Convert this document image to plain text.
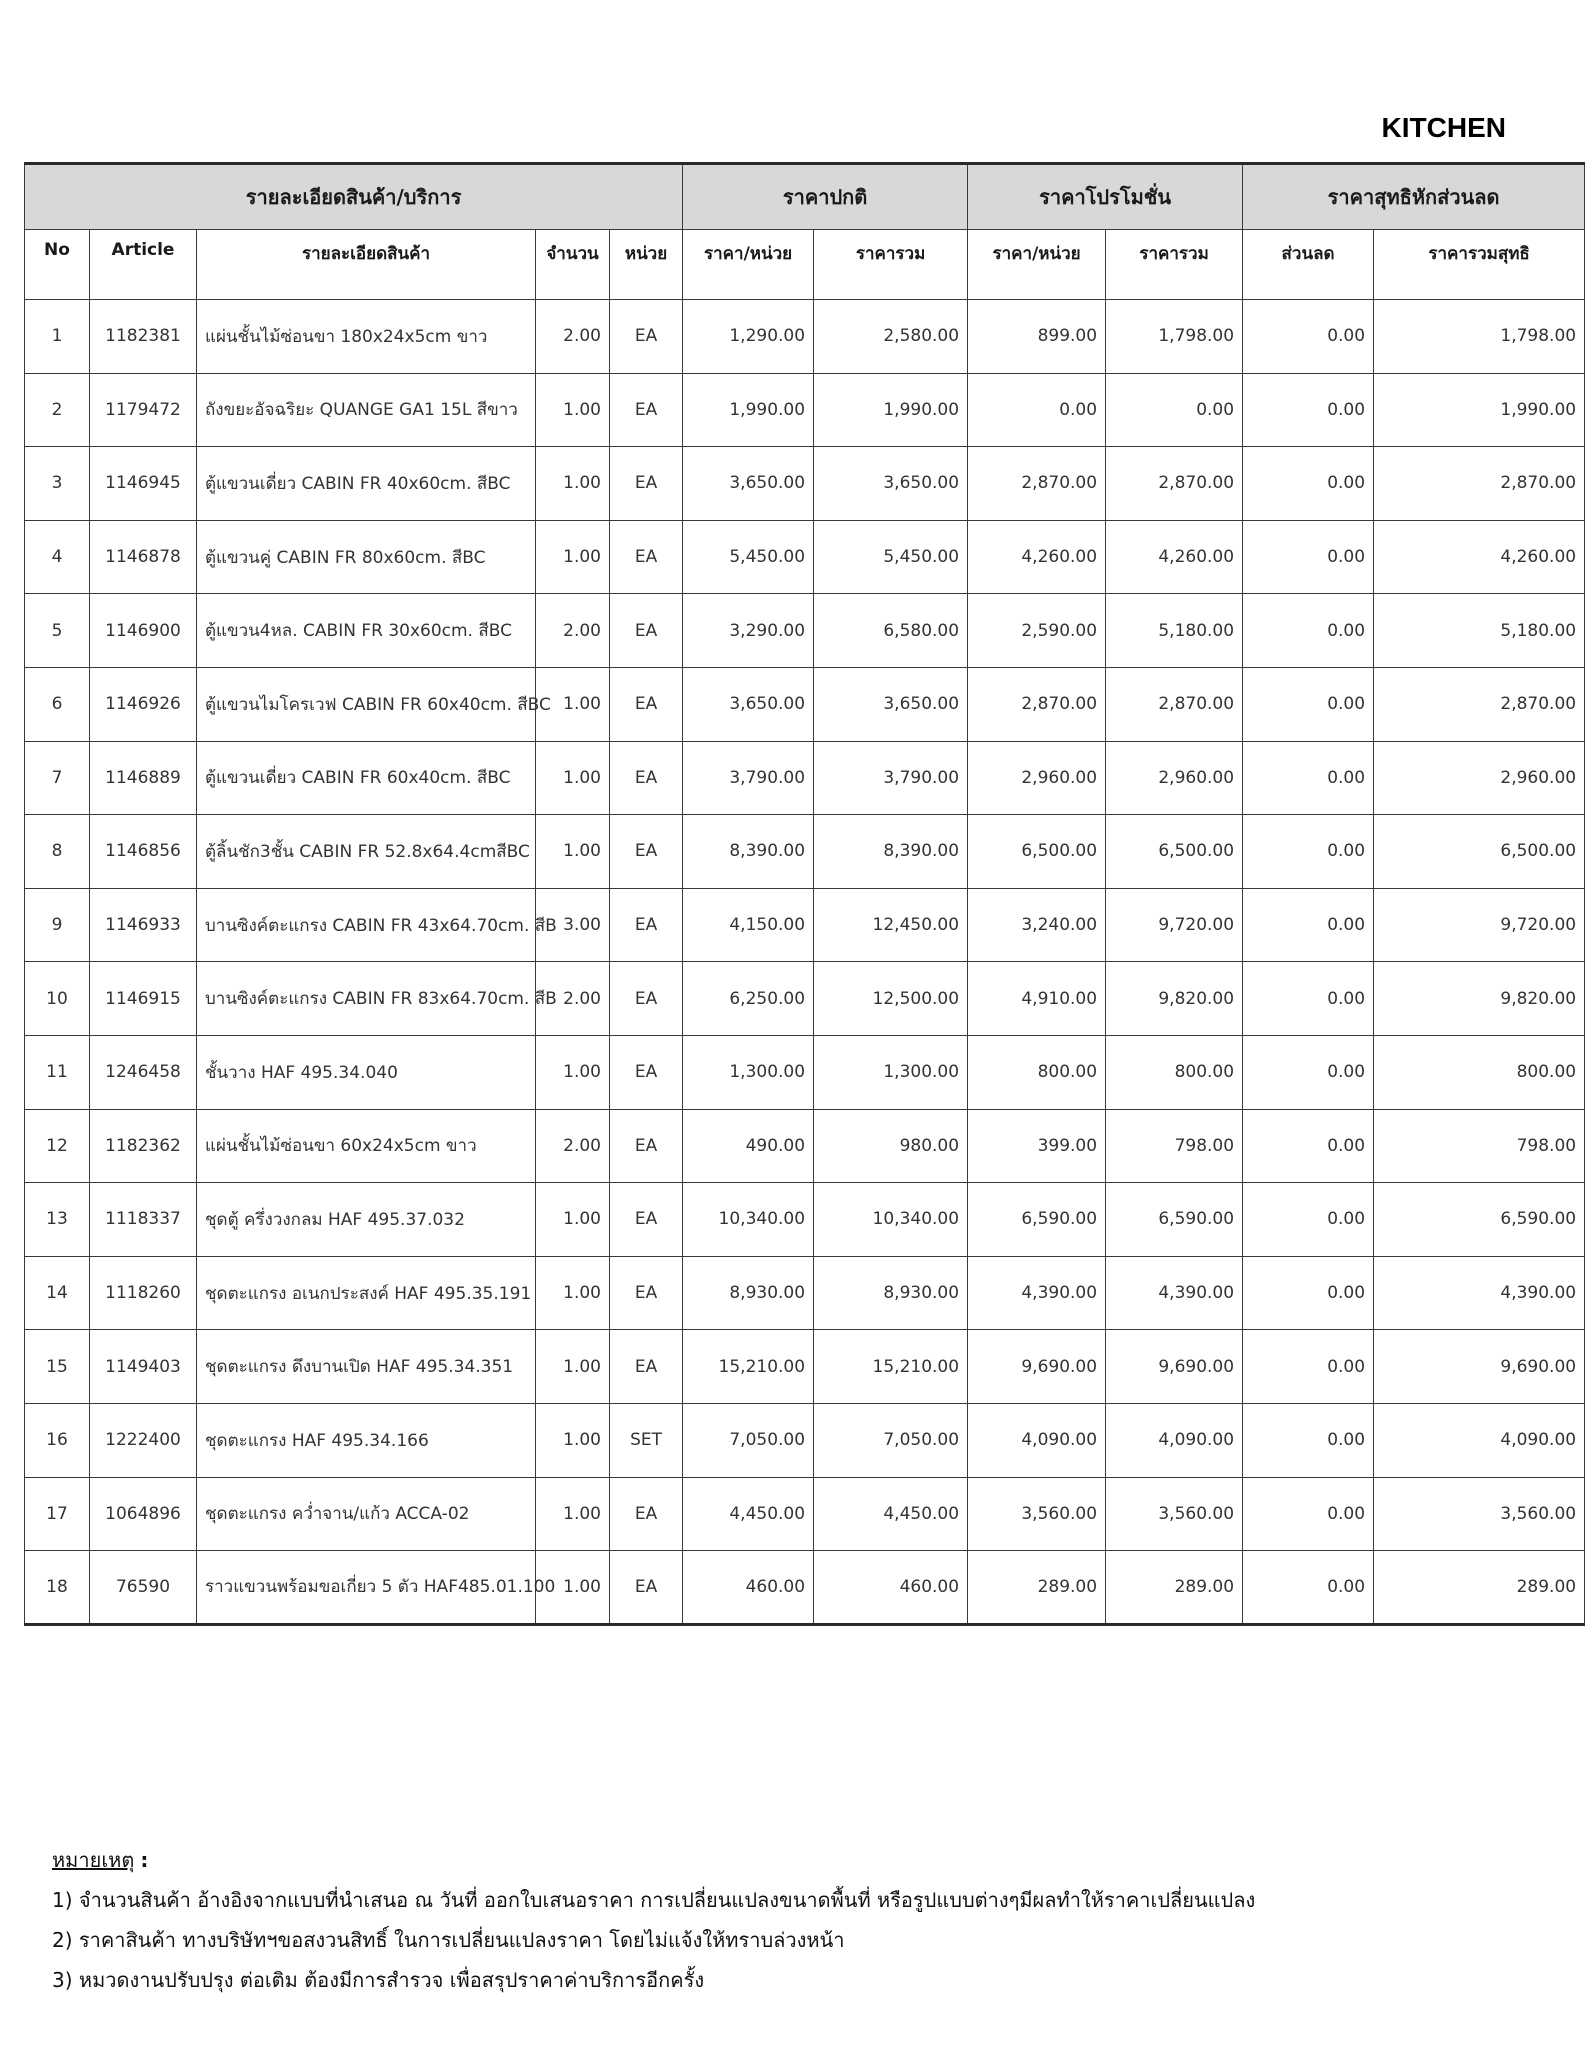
KITCHEN
รายละเอียดสินค้า/บริการ					ราคาปกติ		ราคาโปรโมชั่น		ราคาสุทธิหักส่วนลด	
No	Article	รายละเอียดสินค้า	จำนวน	หน่วย	ราคา/หน่วย	ราคารวม	ราคา/หน่วย	ราคารวม	ส่วนลด	ราคารวมสุทธิ
1	1182381	แผ่นชั้นไม้ซ่อนขา 180x24x5cm ขาว	2.00	EA	1,290.00	2,580.00	899.00	1,798.00	0.00	1,798.00
2	1179472	ถังขยะอัจฉริยะ QUANGE GA1 15L สีขาว	1.00	EA	1,990.00	1,990.00	0.00	0.00	0.00	1,990.00
3	1146945	ตู้แขวนเดี่ยว CABIN FR 40x60cm. สีBC	1.00	EA	3,650.00	3,650.00	2,870.00	2,870.00	0.00	2,870.00
4	1146878	ตู้แขวนคู่ CABIN FR 80x60cm. สีBC	1.00	EA	5,450.00	5,450.00	4,260.00	4,260.00	0.00	4,260.00
5	1146900	ตู้แขวน4หล. CABIN FR 30x60cm. สีBC	2.00	EA	3,290.00	6,580.00	2,590.00	5,180.00	0.00	5,180.00
6	1146926	ตู้แขวนไมโครเวฟ CABIN FR 60x40cm. สีBC	1.00	EA	3,650.00	3,650.00	2,870.00	2,870.00	0.00	2,870.00
7	1146889	ตู้แขวนเดี่ยว CABIN FR 60x40cm. สีBC	1.00	EA	3,790.00	3,790.00	2,960.00	2,960.00	0.00	2,960.00
8	1146856	ตู้ลิ้นชัก3ชั้น CABIN FR 52.8x64.4cmสีBC	1.00	EA	8,390.00	8,390.00	6,500.00	6,500.00	0.00	6,500.00
9	1146933	บานซิงค์ตะแกรง CABIN FR 43x64.70cm. สีB	3.00	EA	4,150.00	12,450.00	3,240.00	9,720.00	0.00	9,720.00
10	1146915	บานซิงค์ตะแกรง CABIN FR 83x64.70cm. สีB	2.00	EA	6,250.00	12,500.00	4,910.00	9,820.00	0.00	9,820.00
11	1246458	ชั้นวาง HAF 495.34.040	1.00	EA	1,300.00	1,300.00	800.00	800.00	0.00	800.00
12	1182362	แผ่นชั้นไม้ซ่อนขา 60x24x5cm ขาว	2.00	EA	490.00	980.00	399.00	798.00	0.00	798.00
13	1118337	ชุดตู้ ครึ่งวงกลม HAF 495.37.032	1.00	EA	10,340.00	10,340.00	6,590.00	6,590.00	0.00	6,590.00
14	1118260	ชุดตะแกรง อเนกประสงค์ HAF 495.35.191	1.00	EA	8,930.00	8,930.00	4,390.00	4,390.00	0.00	4,390.00
15	1149403	ชุดตะแกรง ดึงบานเปิด HAF 495.34.351	1.00	EA	15,210.00	15,210.00	9,690.00	9,690.00	0.00	9,690.00
16	1222400	ชุดตะแกรง HAF 495.34.166	1.00	SET	7,050.00	7,050.00	4,090.00	4,090.00	0.00	4,090.00
17	1064896	ชุดตะแกรง คว่ำจาน/แก้ว ACCA-02	1.00	EA	4,450.00	4,450.00	3,560.00	3,560.00	0.00	3,560.00
18	76590	ราวแขวนพร้อมขอเกี่ยว 5 ตัว HAF485.01.100	1.00	EA	460.00	460.00	289.00	289.00	0.00	289.00
หมายเหตุ :
1) จำนวนสินค้า อ้างอิงจากแบบที่นำเสนอ ณ วันที่ ออกใบเสนอราคา การเปลี่ยนแปลงขนาดพื้นที่ หรือรูปแบบต่างๆมีผลทำให้ราคาเปลี่ยนแปลง
2) ราคาสินค้า ทางบริษัทฯขอสงวนสิทธิ์ ในการเปลี่ยนแปลงราคา โดยไม่แจ้งให้ทราบล่วงหน้า
3) หมวดงานปรับปรุง ต่อเติม ต้องมีการสำรวจ เพื่อสรุปราคาค่าบริการอีกครั้ง
